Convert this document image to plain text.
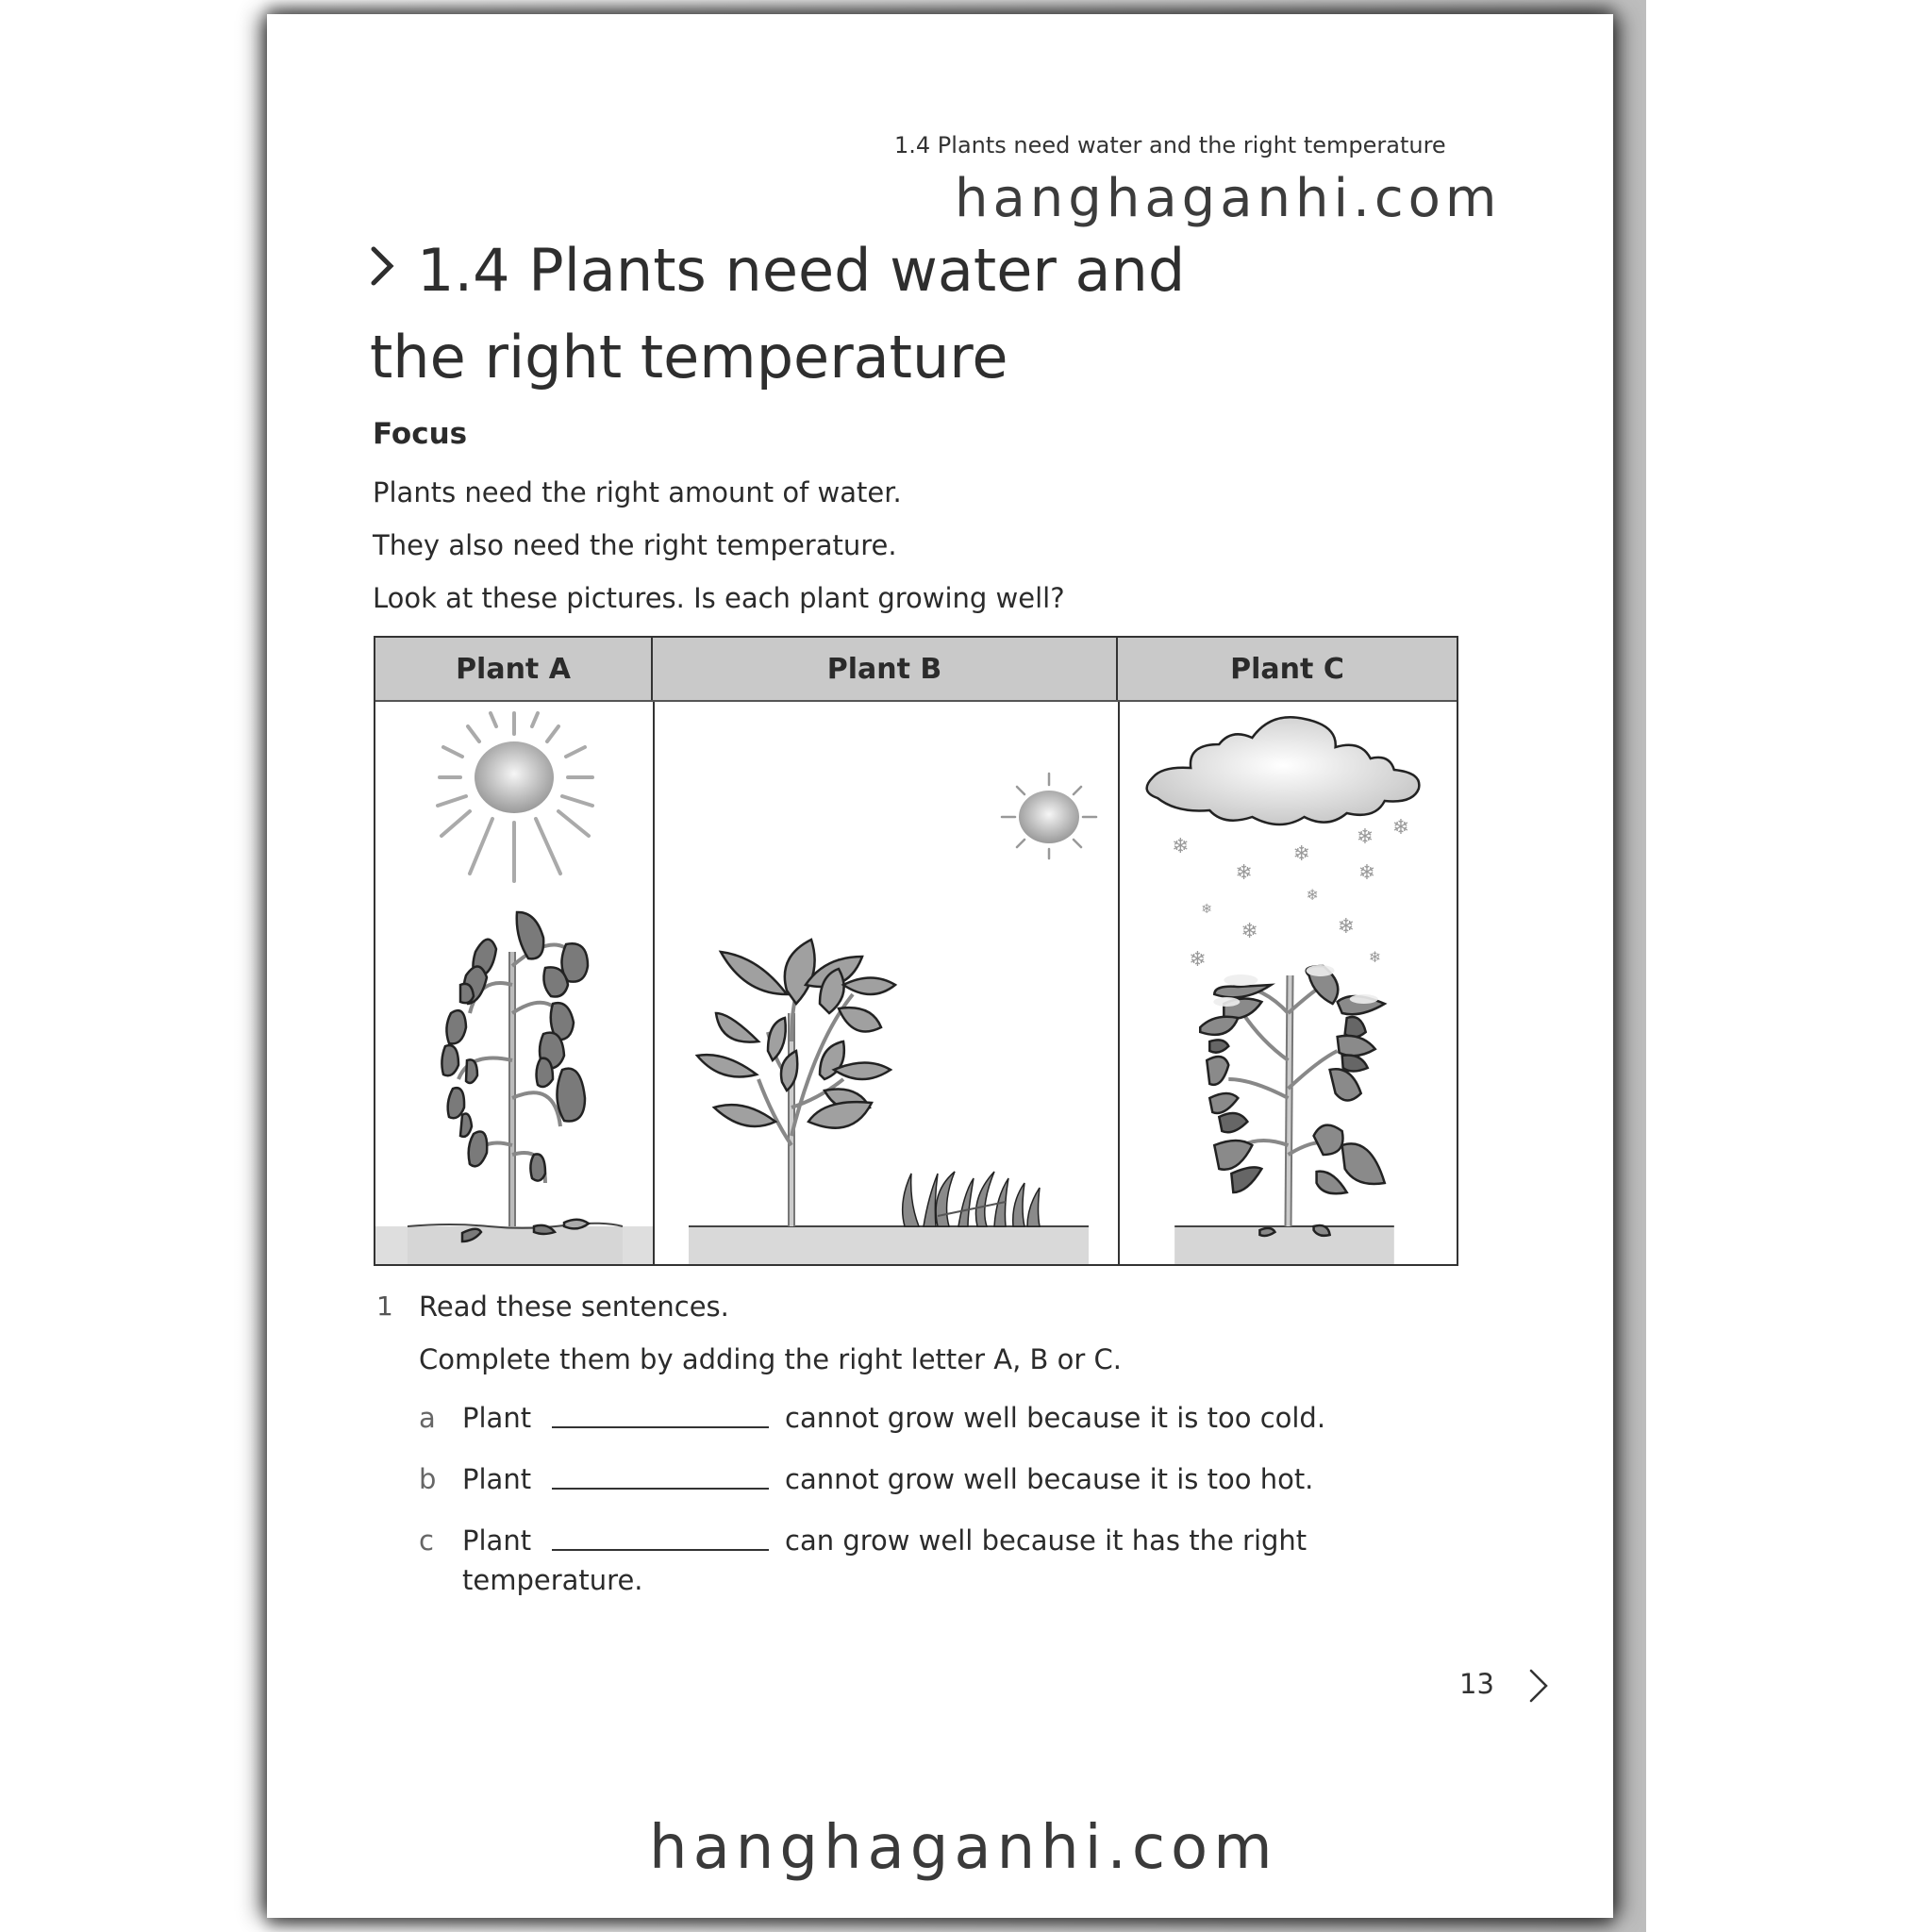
1.4 Plants need water and the right temperature
hanghaganhi.com
1.4 Plants need water and
the right temperature
Focus
Plants need the right amount of water.
They also need the right temperature.
Look at these pictures. Is each plant growing well?
Plant A	Plant B	Plant C
❄	❄
❄ ❄
❄	❄
❄
❄
❄	❄
❄	❄
1 Read these sentences.
Complete them by adding the right letter A, B or C.
a Plant	cannot grow well because it is too cold.
b Plant	cannot grow well because it is too hot.
c Plant	can grow well because it has the right
temperature.
13
hanghaganhi.com
